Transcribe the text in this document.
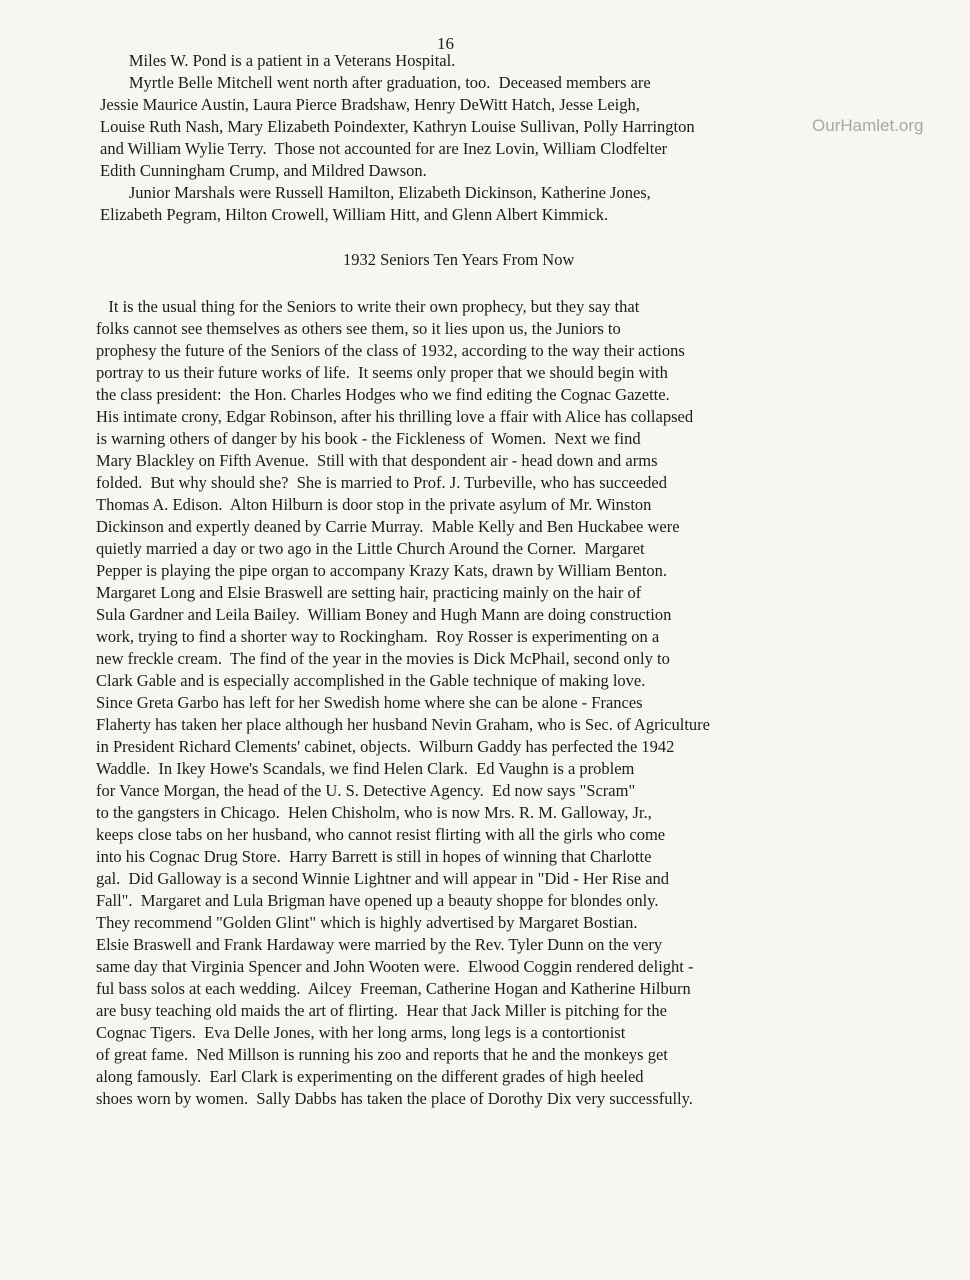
16
OurHamlet.org
Miles W. Pond is a patient in a Veterans Hospital.
Myrtle Belle Mitchell went north after graduation, too.  Deceased members are
Jessie Maurice Austin, Laura Pierce Bradshaw, Henry DeWitt Hatch, Jesse Leigh,
Louise Ruth Nash, Mary Elizabeth Poindexter, Kathryn Louise Sullivan, Polly Harrington
and William Wylie Terry.  Those not accounted for are Inez Lovin, William Clodfelter
Edith Cunningham Crump, and Mildred Dawson.
Junior Marshals were Russell Hamilton, Elizabeth Dickinson, Katherine Jones,
Elizabeth Pegram, Hilton Crowell, William Hitt, and Glenn Albert Kimmick.
1932 Seniors Ten Years From Now
It is the usual thing for the Seniors to write their own prophecy, but they say that
folks cannot see themselves as others see them, so it lies upon us, the Juniors to
prophesy the future of the Seniors of the class of 1932, according to the way their actions
portray to us their future works of life.  It seems only proper that we should begin with
the class president:  the Hon. Charles Hodges who we find editing the Cognac Gazette.
His intimate crony, Edgar Robinson, after his thrilling love a ffair with Alice has collapsed
is warning others of danger by his book - the Fickleness of  Women.  Next we find
Mary Blackley on Fifth Avenue.  Still with that despondent air - head down and arms
folded.  But why should she?  She is married to Prof. J. Turbeville, who has succeeded
Thomas A. Edison.  Alton Hilburn is door stop in the private asylum of Mr. Winston
Dickinson and expertly deaned by Carrie Murray.  Mable Kelly and Ben Huckabee were
quietly married a day or two ago in the Little Church Around the Corner.  Margaret
Pepper is playing the pipe organ to accompany Krazy Kats, drawn by William Benton.
Margaret Long and Elsie Braswell are setting hair, practicing mainly on the hair of
Sula Gardner and Leila Bailey.  William Boney and Hugh Mann are doing construction
work, trying to find a shorter way to Rockingham.  Roy Rosser is experimenting on a
new freckle cream.  The find of the year in the movies is Dick McPhail, second only to
Clark Gable and is especially accomplished in the Gable technique of making love.
Since Greta Garbo has left for her Swedish home where she can be alone - Frances
Flaherty has taken her place although her husband Nevin Graham, who is Sec. of Agriculture
in President Richard Clements' cabinet, objects.  Wilburn Gaddy has perfected the 1942
Waddle.  In Ikey Howe's Scandals, we find Helen Clark.  Ed Vaughn is a problem
for Vance Morgan, the head of the U. S. Detective Agency.  Ed now says "Scram"
to the gangsters in Chicago.  Helen Chisholm, who is now Mrs. R. M. Galloway, Jr.,
keeps close tabs on her husband, who cannot resist flirting with all the girls who come
into his Cognac Drug Store.  Harry Barrett is still in hopes of winning that Charlotte
gal.  Did Galloway is a second Winnie Lightner and will appear in "Did - Her Rise and
Fall".  Margaret and Lula Brigman have opened up a beauty shoppe for blondes only.
They recommend "Golden Glint" which is highly advertised by Margaret Bostian.
Elsie Braswell and Frank Hardaway were married by the Rev. Tyler Dunn on the very
same day that Virginia Spencer and John Wooten were.  Elwood Coggin rendered delight -
ful bass solos at each wedding.  Ailcey  Freeman, Catherine Hogan and Katherine Hilburn
are busy teaching old maids the art of flirting.  Hear that Jack Miller is pitching for the
Cognac Tigers.  Eva Delle Jones, with her long arms, long legs is a contortionist
of great fame.  Ned Millson is running his zoo and reports that he and the monkeys get
along famously.  Earl Clark is experimenting on the different grades of high heeled
shoes worn by women.  Sally Dabbs has taken the place of Dorothy Dix very successfully.
